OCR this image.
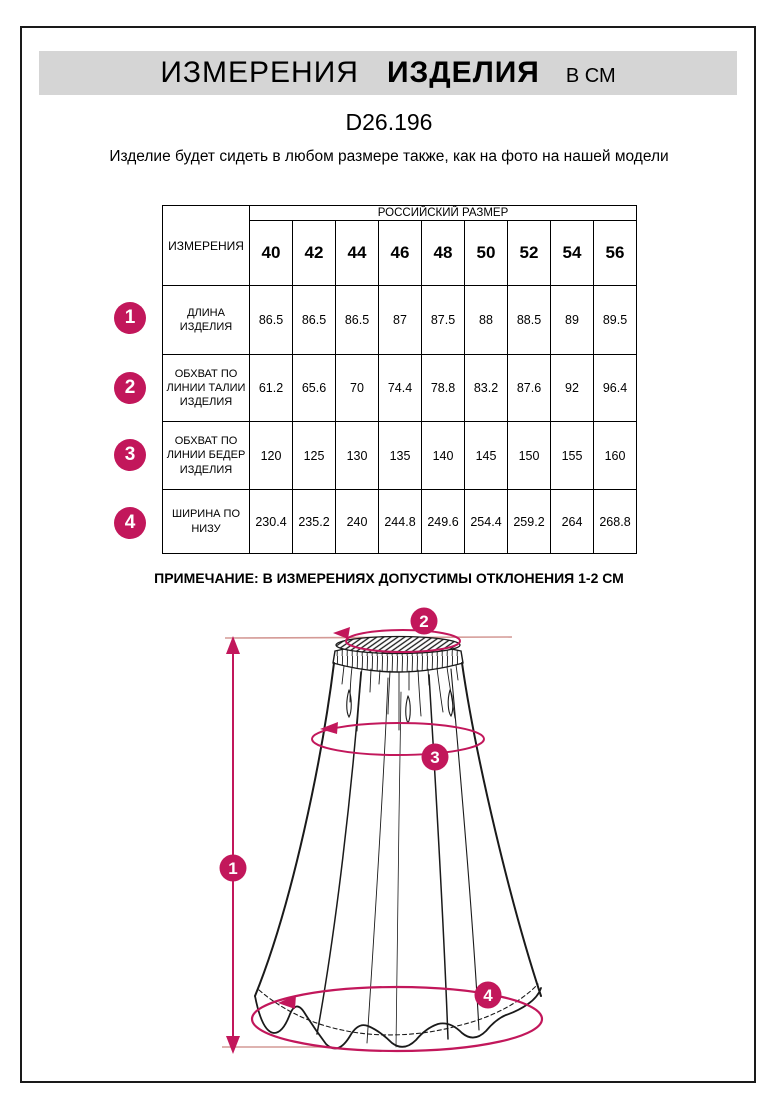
ИЗМЕРЕНИЯ ИЗДЕЛИЯ В СМ
D26.196
Изделие будет сидеть в любом размере также, как на фото на нашей модели
ИЗМЕРЕНИЯ	РОССИЙСКИЙ РАЗМЕР								
	40	42	44	46	48	50	52	54	56
ДЛИНА ИЗДЕЛИЯ	86.5	86.5	86.5	87	87.5	88	88.5	89	89.5
ОБХВАТ ПО ЛИНИИ ТАЛИИ ИЗДЕЛИЯ	61.2	65.6	70	74.4	78.8	83.2	87.6	92	96.4
ОБХВАТ ПО ЛИНИИ БЕДЕР ИЗДЕЛИЯ	120	125	130	135	140	145	150	155	160
ШИРИНА ПО НИЗУ	230.4	235.2	240	244.8	249.6	254.4	259.2	264	268.8
1
2
3
4
ПРИМЕЧАНИЕ: В ИЗМЕРЕНИЯХ ДОПУСТИМЫ ОТКЛОНЕНИЯ 1-2 СМ
1
2
3
4
